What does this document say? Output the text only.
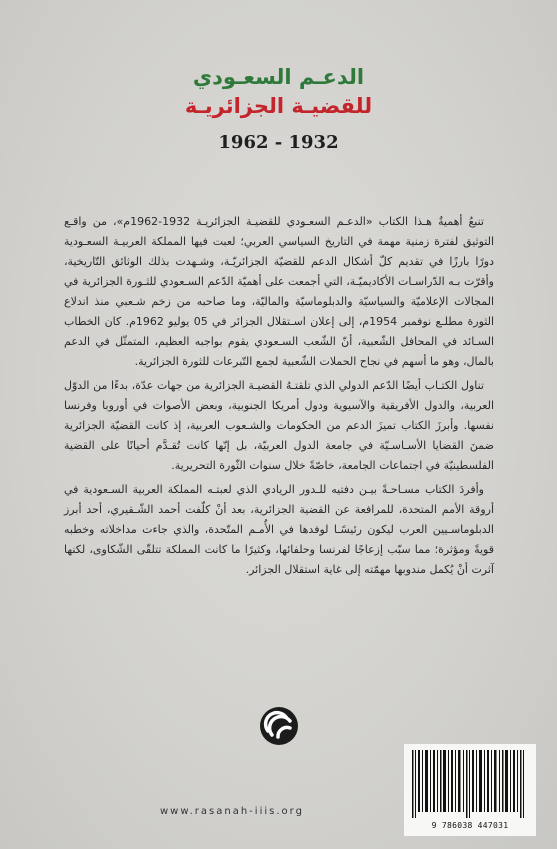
الدعـم السعـودي
للقضيـة الجزائريـة
1962 - 1932

تنبعُ أهميةُ هـذا الكتاب «الدعـم السعـودي للقضيـة الجزائريـة 1932-1962م»، من واقـع التوثيق لفترة زمنية مهمة في التاريخ السياسي العربي؛ لعبت فيها المملكة العربيـة السعـودية دورًا بارزًا في تقديم كلّ أشكال الدعم للقضيّة الجزائريّـة، وشـهدت بذلك الوثائق التّاريخية، وأقرّت بـه الدّراسـات الأكاديميّـة، التي أجمعت على أهميّة الدّعم السـعودي للثـورة الجزائرية في المجالات الإعلاميّة والسياسيّة والدبلوماسيّة والماليّة، وما صاحبه من زخم شـعبي منذ اندلاع الثورة مطلـع نوفمبر 1954م، إلى إعلان اسـتقلال الجزائر في 05 يوليو 1962م. كان الخطاب السـائد في المحافل الشّعبية، أنّ الشّعب السـعودي يقوم بواجبه العظيم، المتمثّل في الدعم بالمال، وهو ما أسهم في نجاح الحملات الشّعبية لجمع التّبرعات للثورة الجزائرية.

تناول الكتـاب أيضًا الدّعم الدولي الذي تلقتـهُ القضيـة الجزائرية من جهات عدّة، بدءًا من الدوّل العربية، والدول الأفريقية والآسيوية ودول أمريكا الجنوبية، وبعض الأصوات في أوروبا وفرنسا نفسها. وأبرزَ الكتاب تميزَ الدعم من الحكومات والشـعوب العربية، إذ كانت القضيّة الجزائرية ضمنَ القضايا الأسـاسـيّة في جامعة الدول العربيّة، بل إنّها كانت تُقـدَّم أحيانًا على القضية الفلسطينيّة في اجتماعات الجامعة، خاصّةً خلال سنوات الثّورة التحريرية.

وأفردَ الكتاب مسـاحـةً بيـن دفتيه للـدور الريادي الذي لعبتـه المملكة العربية السـعودية في أروقة الأمم المتحدة، للمرافعة عن القضية الجزائرية، بعد أنْ كلّفت أحمد الشّـقيري، أحد أبرز الدبلوماسـيين العرب ليكون رئيسًـا لوفدها في الأُمـم المتّحدة، والذي جاءت مداخلاته وخطبه قويةً ومؤثرة؛ مما سبّب إزعاجًا لفرنسا وحلفائها، وكثيرًا ما كانت المملكة تتلقّى الشّكاوى، لكنها آثرت أنْ يُكمل مندوبها مهمّته إلى غاية استقلال الجزائر.

www.rasanah-iiis.org
9 786038 447031
